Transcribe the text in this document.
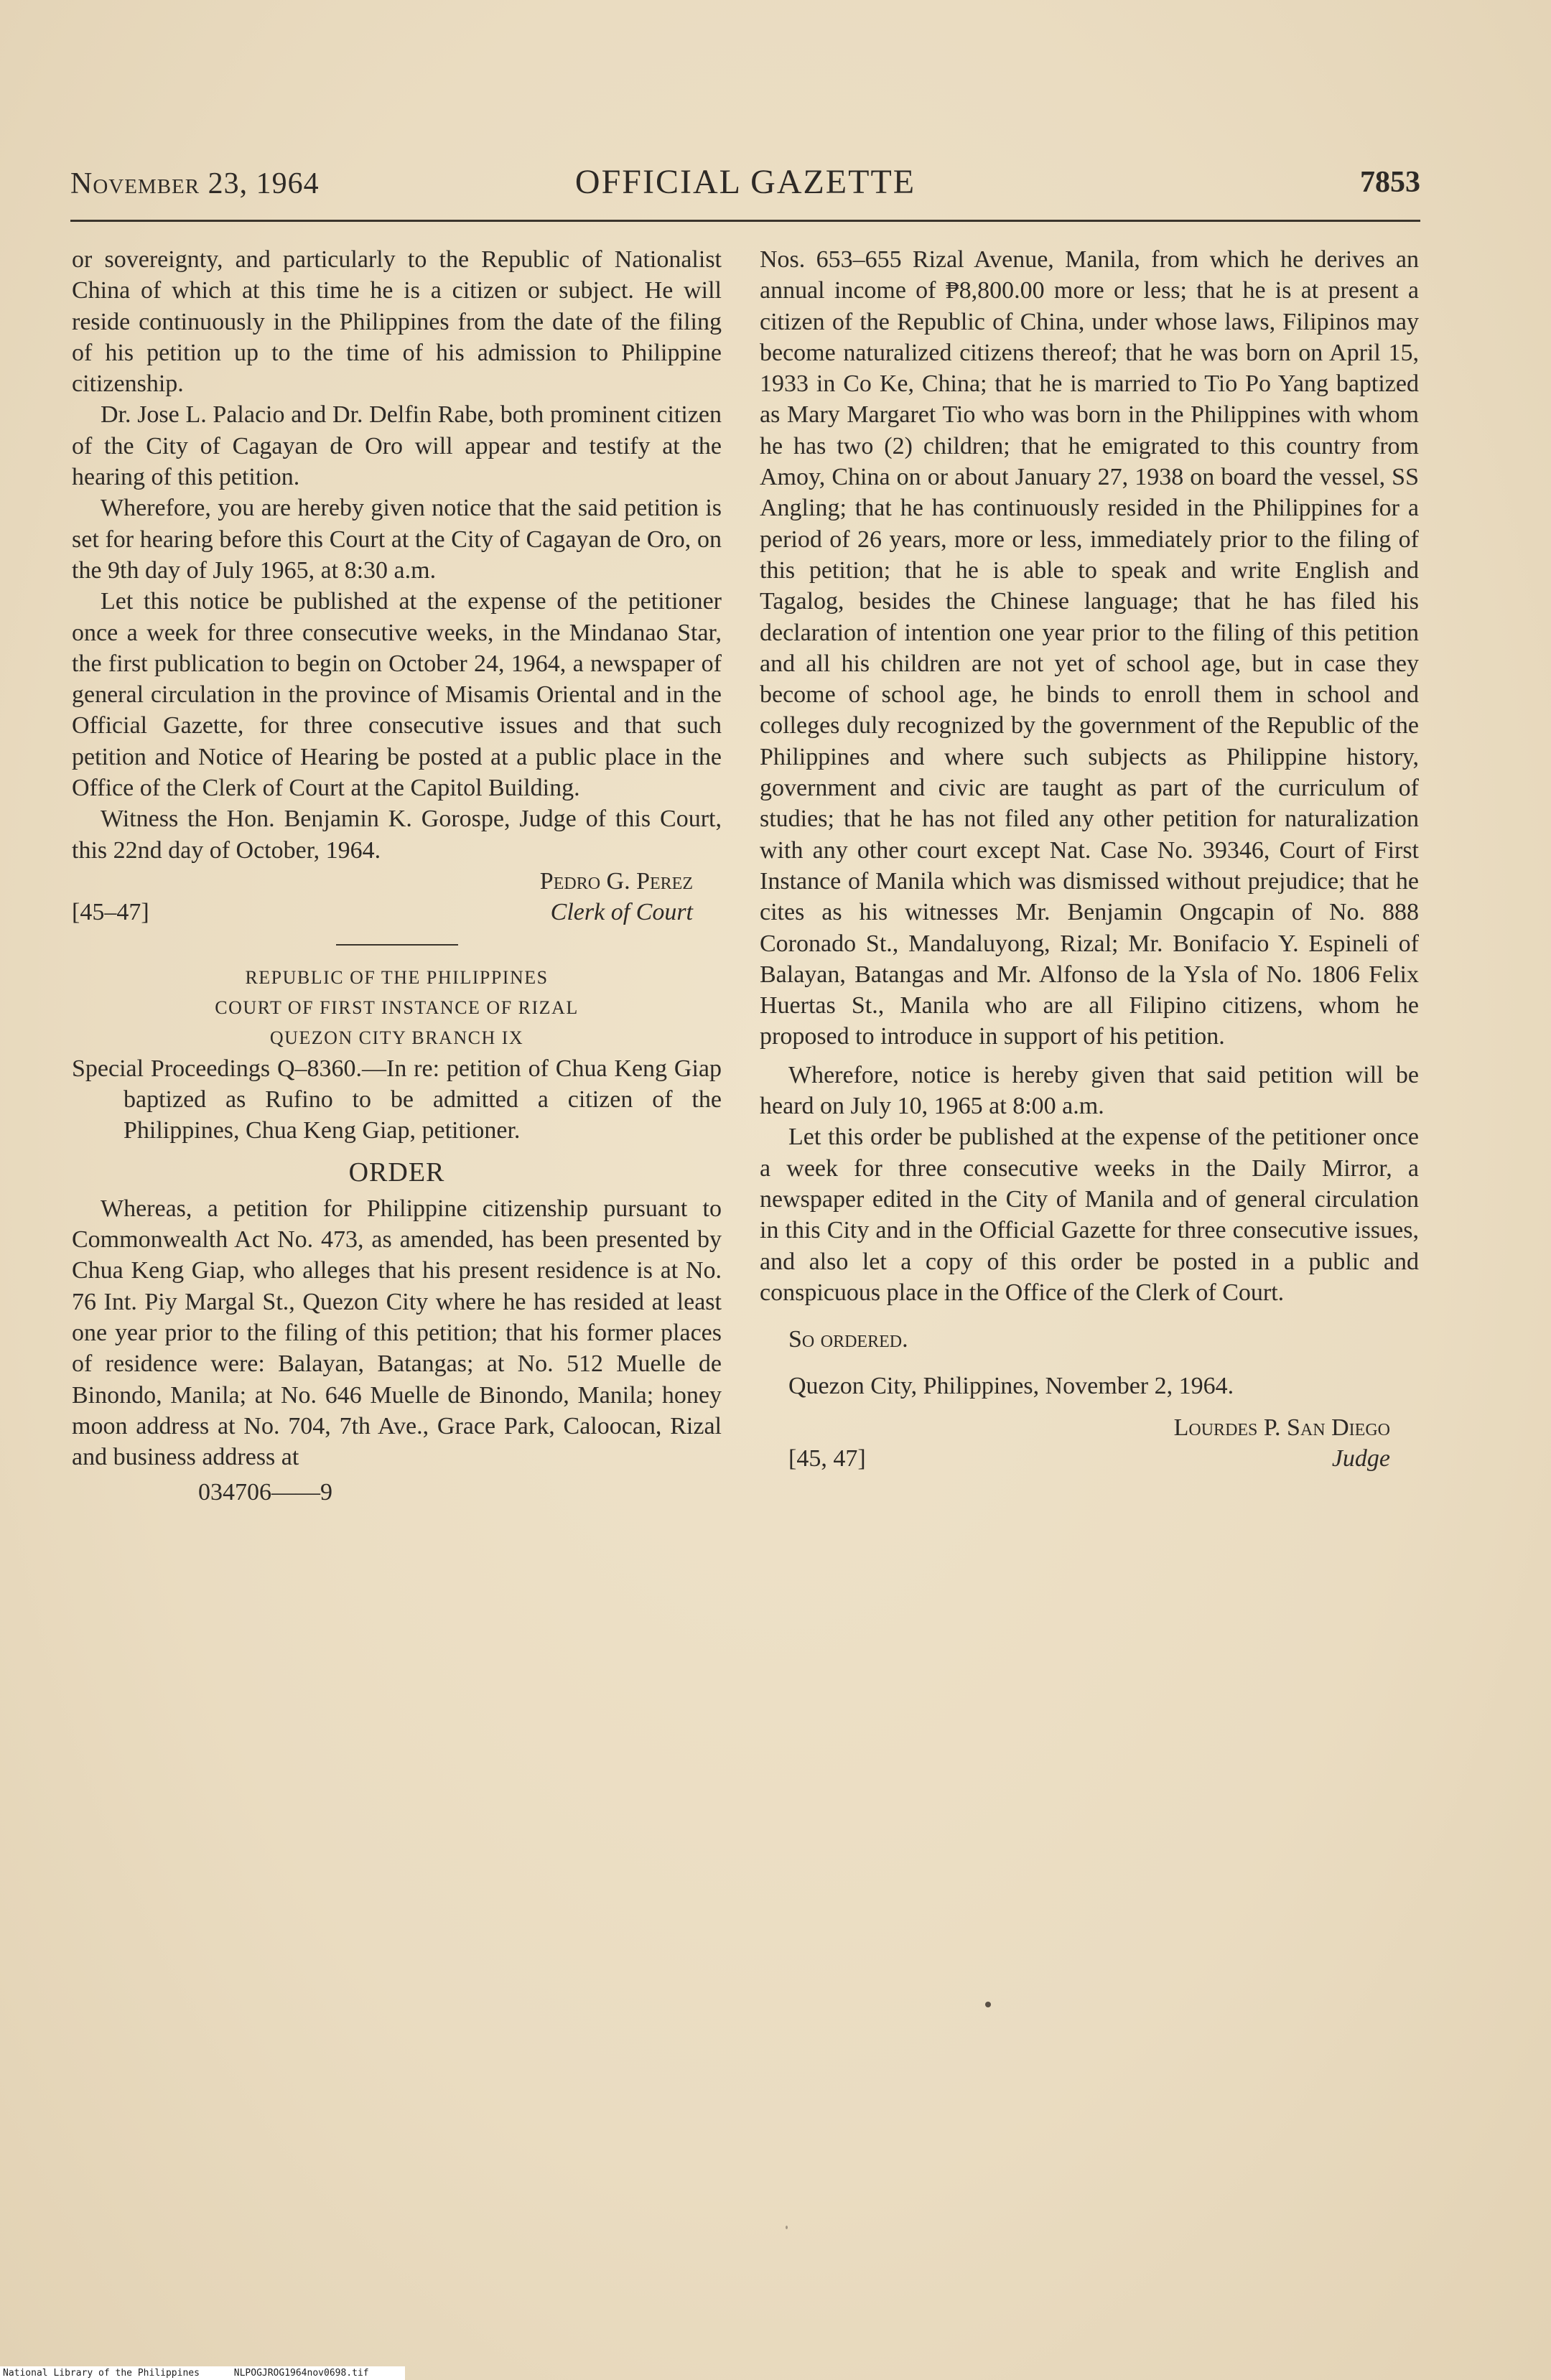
November 23, 1964	OFFICIAL GAZETTE	7853

or sovereignty, and particularly to the Republic of Nationalist China of which at this time he is a citizen or subject. He will reside continuously in the Philippines from the date of the filing of his petition up to the time of his admission to Philippine citizenship.

Dr. Jose L. Palacio and Dr. Delfin Rabe, both prominent citizen of the City of Cagayan de Oro will appear and testify at the hearing of this petition.

Wherefore, you are hereby given notice that the said petition is set for hearing before this Court at the City of Cagayan de Oro, on the 9th day of July 1965, at 8:30 a.m.

Let this notice be published at the expense of the petitioner once a week for three consecutive weeks, in the Mindanao Star, the first publication to begin on October 24, 1964, a newspaper of general circulation in the province of Misamis Oriental and in the Official Gazette, for three consecutive issues and that such petition and Notice of Hearing be posted at a public place in the Office of the Clerk of Court at the Capitol Building.

Witness the Hon. Benjamin K. Gorospe, Judge of this Court, this 22nd day of October, 1964.

Pedro G. Perez
[45–47]	Clerk of Court
REPUBLIC OF THE PHILIPPINES
COURT OF FIRST INSTANCE OF RIZAL
QUEZON CITY BRANCH IX

Special Proceedings Q–8360.—In re: petition of Chua Keng Giap baptized as Rufino to be admitted a citizen of the Philippines, Chua Keng Giap, petitioner.

ORDER

Whereas, a petition for Philippine citizenship pursuant to Commonwealth Act No. 473, as amended, has been presented by Chua Keng Giap, who alleges that his present residence is at No. 76 Int. Piy Margal St., Quezon City where he has resided at least one year prior to the filing of this petition; that his former places of residence were: Balayan, Batangas; at No. 512 Muelle de Binondo, Manila; at No. 646 Muelle de Binondo, Manila; honey moon address at No. 704, 7th Ave., Grace Park, Caloocan, Rizal and business address at

034706——9

Nos. 653–655 Rizal Avenue, Manila, from which he derives an annual income of ₱8,800.00 more or less; that he is at present a citizen of the Republic of China, under whose laws, Filipinos may become naturalized citizens thereof; that he was born on April 15, 1933 in Co Ke, China; that he is married to Tio Po Yang baptized as Mary Margaret Tio who was born in the Philippines with whom he has two (2) children; that he emigrated to this country from Amoy, China on or about January 27, 1938 on board the vessel, SS Angling; that he has continuously resided in the Philippines for a period of 26 years, more or less, immediately prior to the filing of this petition; that he is able to speak and write English and Tagalog, besides the Chinese language; that he has filed his declaration of intention one year prior to the filing of this petition and all his children are not yet of school age, but in case they become of school age, he binds to enroll them in school and colleges duly recognized by the government of the Republic of the Philippines and where such subjects as Philippine history, government and civic are taught as part of the curriculum of studies; that he has not filed any other petition for naturalization with any other court except Nat. Case No. 39346, Court of First Instance of Manila which was dismissed without prejudice; that he cites as his witnesses Mr. Benjamin Ongcapin of No. 888 Coronado St., Mandaluyong, Rizal; Mr. Bonifacio Y. Espineli of Balayan, Batangas and Mr. Alfonso de la Ysla of No. 1806 Felix Huertas St., Manila who are all Filipino citizens, whom he proposed to introduce in support of his petition.

Wherefore, notice is hereby given that said petition will be heard on July 10, 1965 at 8:00 a.m.

Let this order be published at the expense of the petitioner once a week for three consecutive weeks in the Daily Mirror, a newspaper edited in the City of Manila and of general circulation in this City and in the Official Gazette for three consecutive issues, and also let a copy of this order be posted in a public and conspicuous place in the Office of the Clerk of Court.

So ordered.

Quezon City, Philippines, November 2, 1964.

Lourdes P. San Diego
[45, 47]	Judge
National Library of the Philippines	NLPOGJROG1964nov0698.tif
